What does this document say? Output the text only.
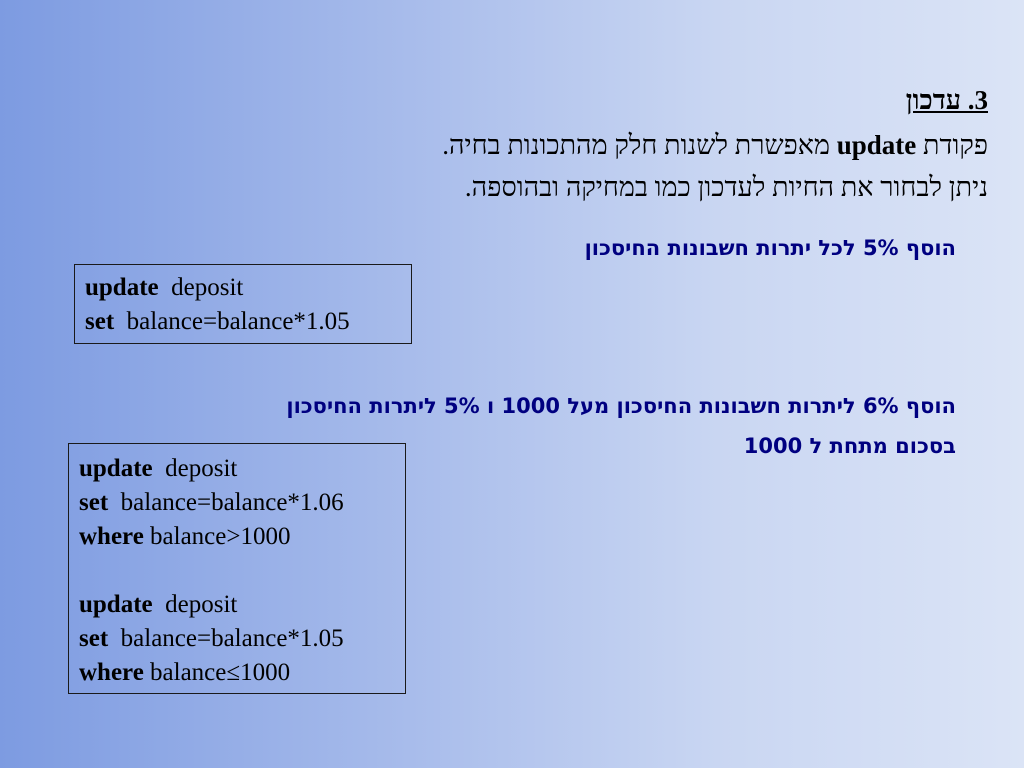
3. עדכון
פקודת update מאפשרת לשנות חלק מהתכונות בחיה.
ניתן לבחור את החיות לעדכון כמו במחיקה ובהוספה.
הוסף 5% לכל יתרות חשבונות החיסכון
update  deposit
set  balance=balance*1.05
הוסף 6% ליתרות חשבונות החיסכון מעל 1000 ו 5% ליתרות החיסכון
בסכום מתחת ל 1000
update  deposit
set  balance=balance*1.06
where balance>1000
update  deposit
set  balance=balance*1.05
where balance≤1000
